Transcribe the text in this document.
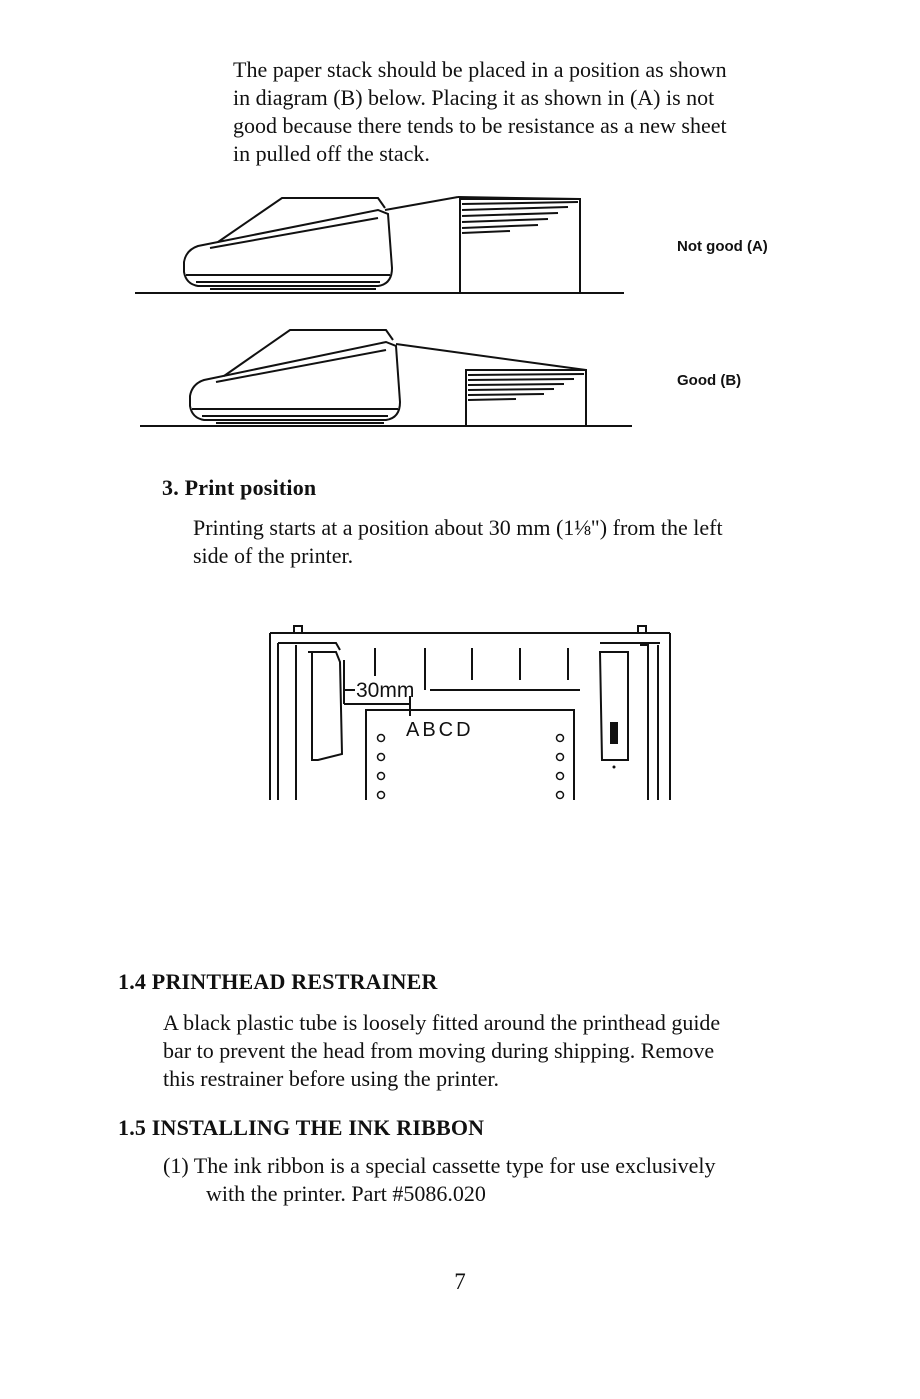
The paper stack should be placed in a position as shown

in diagram (B) below. Placing it as shown in (A) is not

good because there tends to be resistance as a new sheet

in pulled off the stack.

Not good (A)

Good (B)

3. Print position

Printing starts at a position about 30 mm (1⅛") from the left

side of the printer.

30mm
ABCD

1.4 PRINTHEAD RESTRAINER

A black plastic tube is loosely fitted around the printhead guide

bar to prevent the head from moving during shipping. Remove

this restrainer before using the printer.

1.5 INSTALLING THE INK RIBBON

(1) The ink ribbon is a special cassette type for use exclusively

with the printer. Part #5086.020

7
